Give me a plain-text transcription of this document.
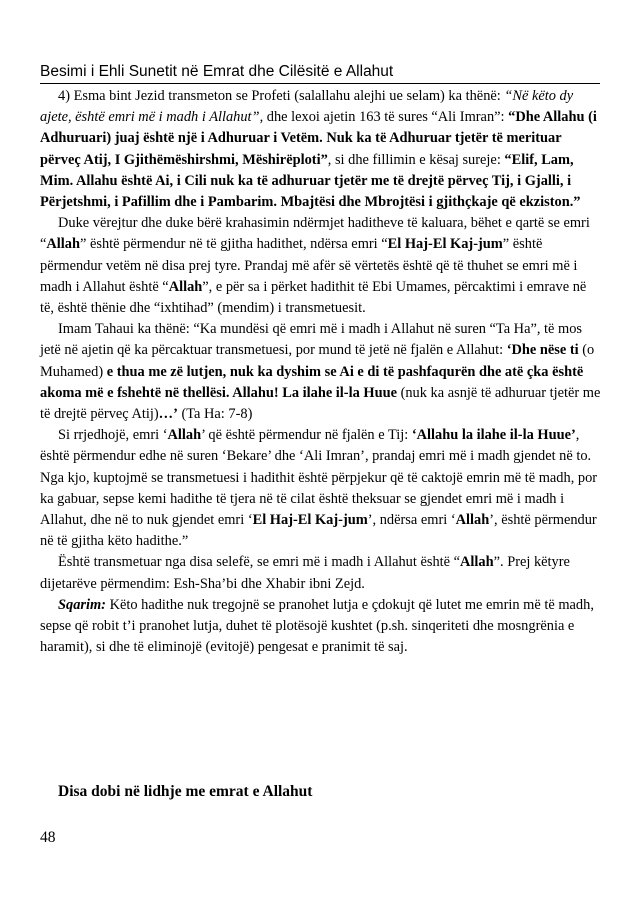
Besimi i Ehli Sunetit në Emrat dhe Cilësitë e Allahut

4) Esma bint Jezid transmeton se Profeti (salallahu alejhi ue selam) ka thënë: “Në këto dy ajete, është emri më i madh i Allahut”, dhe lexoi ajetin 163 të sures “Ali Imran”: “Dhe Allahu (i Adhuruari) juaj është një i Adhuruar i Vetëm. Nuk ka të Adhuruar tjetër të merituar përveç Atij, I Gjithëmëshirshmi, Mëshirëploti”, si dhe fillimin e kësaj sureje: “Elif, Lam, Mim. Allahu është Ai, i Cili nuk ka të adhuruar tjetër me të drejtë përveç Tij, i Gjalli, i Përjetshmi, i Pafillim dhe i Pambarim. Mbajtësi dhe Mbrojtësi i gjithçkaje që ekziston.”

Duke vërejtur dhe duke bërë krahasimin ndërmjet haditheve të kaluara, bëhet e qartë se emri “Allah” është përmendur në të gjitha hadithet, ndërsa emri “El Haj-El Kaj-jum” është përmendur vetëm në disa prej tyre. Prandaj më afër së vërtetës është që të thuhet se emri më i madh i Allahut është “Allah”, e për sa i përket hadithit të Ebi Umames, përcaktimi i emrave në të, është thënie dhe “ixhtihad” (mendim) i transmetuesit.

Imam Tahaui ka thënë: “Ka mundësi që emri më i madh i Allahut në suren “Ta Ha”, të mos jetë në ajetin që ka përcaktuar transmetuesi, por mund të jetë në fjalën e Allahut: ‘Dhe nëse ti (o Muhamed) e thua me zë lutjen, nuk ka dyshim se Ai e di të pashfaqurën dhe atë çka është akoma më e fshehtë në thellësi. Allahu! La ilahe il-la Huue (nuk ka asnjë të adhuruar tjetër me të drejtë përveç Atij)…’ (Ta Ha: 7-8)

Si rrjedhojë, emri ‘Allah’ që është përmendur në fjalën e Tij: ‘Allahu la ilahe il-la Huue’, është përmendur edhe në suren ‘Bekare’ dhe ‘Ali Imran’, prandaj emri më i madh gjendet në to. Nga kjo, kuptojmë se transmetuesi i hadithit është përpjekur që të caktojë emrin më të madh, por ka gabuar, sepse kemi hadithe të tjera në të cilat është theksuar se gjendet emri më i madh i Allahut, dhe në to nuk gjendet emri ‘El Haj-El Kaj-jum’, ndërsa emri ‘Allah’, është përmendur në të gjitha këto hadithe.”

Është transmetuar nga disa selefë, se emri më i madh i Allahut është “Allah”. Prej këtyre dijetarëve përmendim: Esh-Sha’bi dhe Xhabir ibni Zejd.

Sqarim: Këto hadithe nuk tregojnë se pranohet lutja e çdokujt që lutet me emrin më të madh, sepse që robit t’i pranohet lutja, duhet të plotësojë kushtet (p.sh. sinqeriteti dhe mosngrënia e haramit), si dhe të eliminojë (evitojë) pengesat e pranimit të saj.

Disa dobi në lidhje me emrat e Allahut
48
